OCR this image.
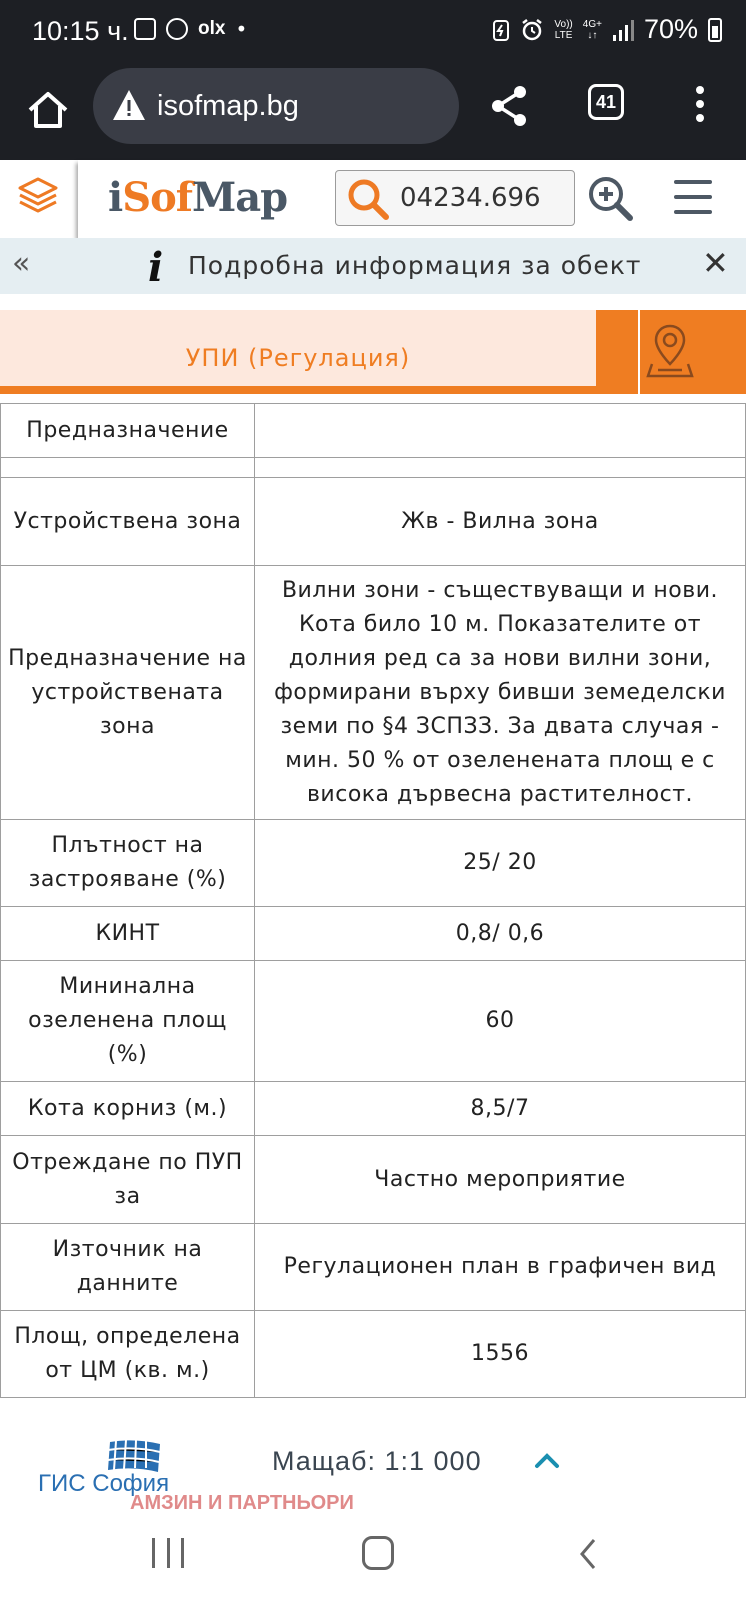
10:15 ч.	olx •	Vo))
LTE
4G+
↓↑ 70%
isofmap.bg	41
iSofMap
04234.696
«	i Подробна информация за обект ✕
УПИ (Регулация)
Предназначение	

Устройствена зона	Жв - Вилна зона
Предназначение на устройствената зона	Вилни зони - съществуващи и нови. Кота било 10 м. Показателите от долния ред са за нови вилни зони, формирани върху бивши земеделски земи по §4 ЗСПЗЗ. За двата случая - мин. 50 % от озеленената площ е с висока дървесна растителност.
Плътност на застрояване (%)	25/ 20
КИНТ	0,8/ 0,6
Мининална озеленена площ (%)	60
Кота корниз (м.)	8,5/7
Отреждане по ПУП за	Частно мероприятие
Източник на данните	Регулационен план в графичен вид
Площ, определена от ЦМ (кв. м.)	1556
ГИС София
Мащаб: 1:1 000
АМЗИН И ПАРТНЬОРИ
